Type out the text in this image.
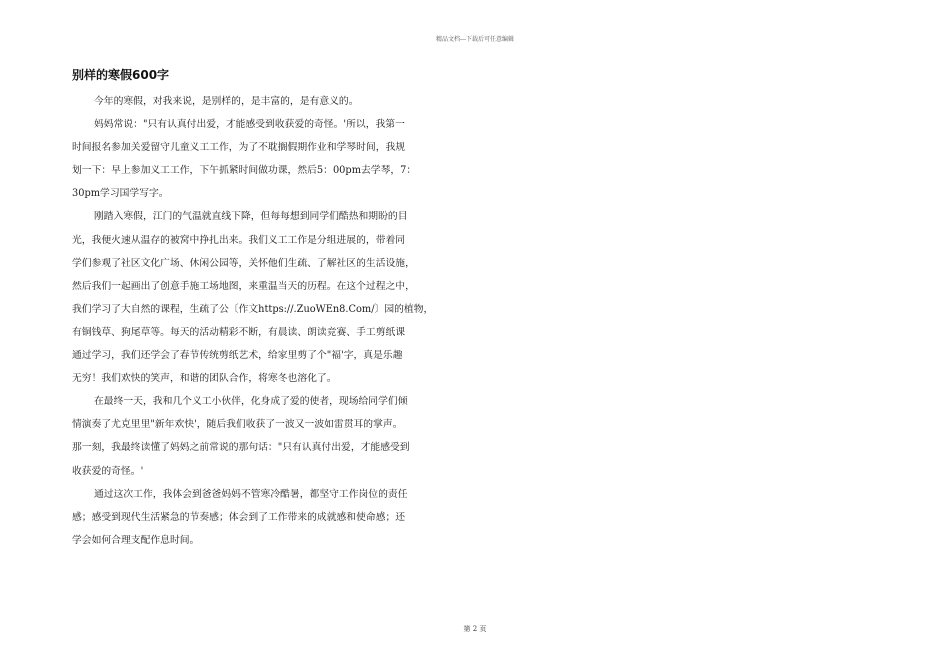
精品文档---下载后可任意编辑
别样的寒假600字
今年的寒假，对我来说，是别样的，是丰富的，是有意义的。
妈妈常说："只有认真付出爱，才能感受到收获爱的奇怪。'所以，我第一
时间报名参加关爱留守儿童义工工作，为了不耽搁假期作业和学琴时间，我规
划一下：早上参加义工工作，下午抓紧时间做功课，然后5：00pm去学琴，7：
30pm学习国学写字。
刚踏入寒假，江门的气温就直线下降，但每每想到同学们酷热和期盼的目
光，我便火速从温存的被窝中挣扎出来。我们义工工作是分组进展的，带着同
学们参观了社区文化广场、休闲公园等，关怀他们生疏、了解社区的生活设施，
然后我们一起画出了创意手施工场地图，来重温当天的历程。在这个过程之中，
我们学习了大自然的课程，生疏了公〔作文https://.ZuoWEn8.Com/〕园的植物，
有铜钱草、狗尾草等。每天的活动精彩不断，有晨读、朗读竞赛、手工剪纸课
通过学习，我们还学会了春节传统剪纸艺术，给家里剪了个"福'字，真是乐趣
无穷！我们欢快的笑声，和谐的团队合作，将寒冬也溶化了。
在最终一天，我和几个义工小伙伴，化身成了爱的使者，现场给同学们倾
情演奏了尤克里里"新年欢快'，随后我们收获了一波又一波如雷贯耳的掌声。
那一刻，我最终读懂了妈妈之前常说的那句话："只有认真付出爱，才能感受到
收获爱的奇怪。'
通过这次工作，我体会到爸爸妈妈不管寒冷酷暑，都坚守工作岗位的责任
感；感受到现代生活紧急的节奏感；体会到了工作带来的成就感和使命感；还
学会如何合理支配作息时间。
第 2 页
